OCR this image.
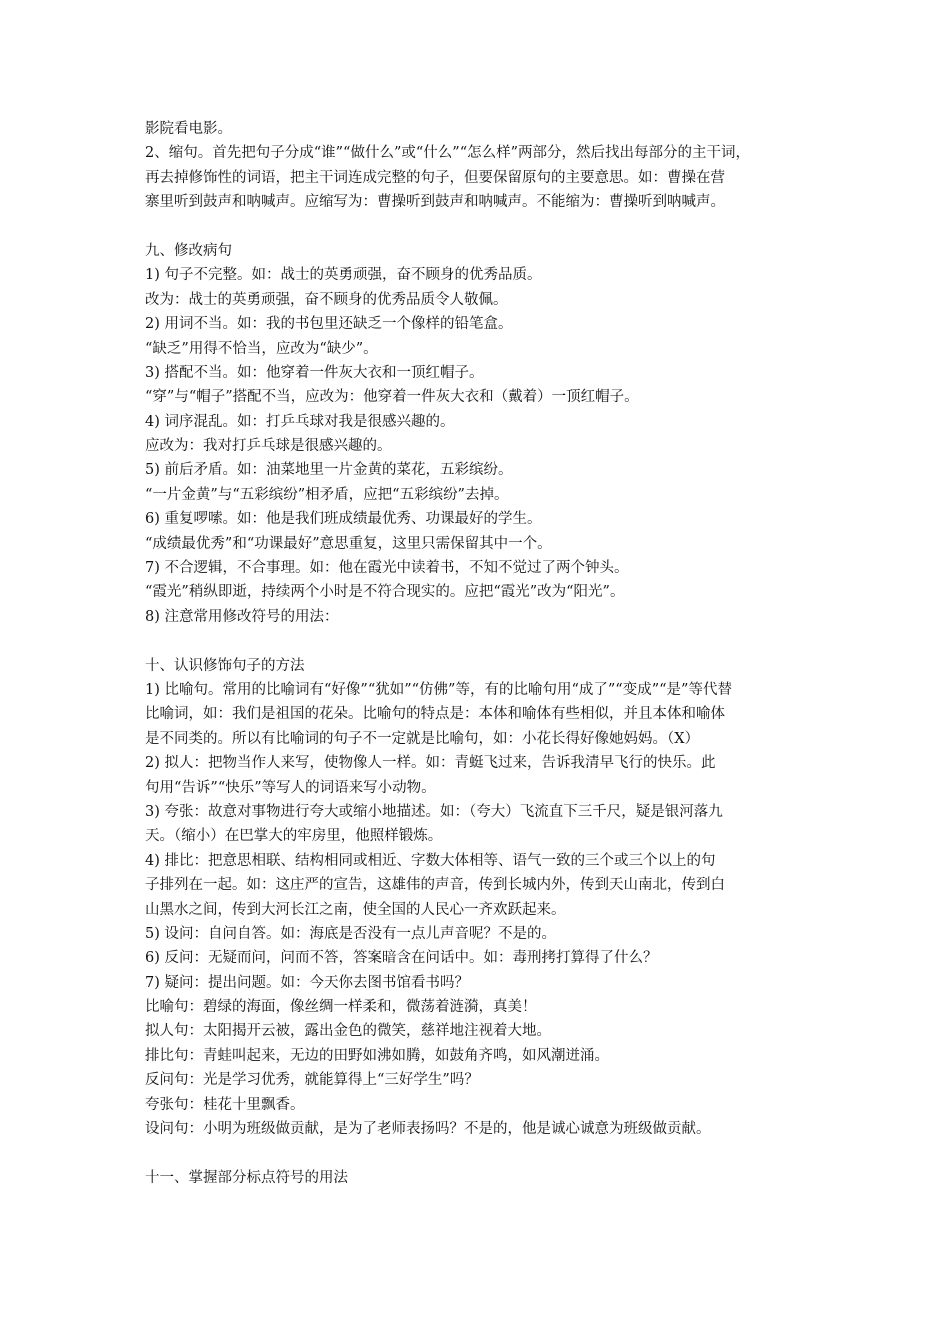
影院看电影。
2、缩句。首先把句子分成“谁”“做什么”或“什么”“怎么样”两部分，然后找出每部分的主干词，
再去掉修饰性的词语，把主干词连成完整的句子，但要保留原句的主要意思。如：曹操在营
寨里听到鼓声和呐喊声。应缩写为：曹操听到鼓声和呐喊声。不能缩为：曹操听到呐喊声。
九、修改病句
1) 句子不完整。如：战士的英勇顽强，奋不顾身的优秀品质。
改为：战士的英勇顽强，奋不顾身的优秀品质令人敬佩。
2) 用词不当。如：我的书包里还缺乏一个像样的铅笔盒。
“缺乏”用得不恰当，应改为“缺少”。
3) 搭配不当。如：他穿着一件灰大衣和一顶红帽子。
“穿”与“帽子”搭配不当，应改为：他穿着一件灰大衣和（戴着）一顶红帽子。
4) 词序混乱。如：打乒乓球对我是很感兴趣的。
应改为：我对打乒乓球是很感兴趣的。
5) 前后矛盾。如：油菜地里一片金黄的菜花，五彩缤纷。
“一片金黄”与“五彩缤纷”相矛盾，应把“五彩缤纷”去掉。
6) 重复啰嗦。如：他是我们班成绩最优秀、功课最好的学生。
“成绩最优秀”和“功课最好”意思重复，这里只需保留其中一个。
7) 不合逻辑，不合事理。如：他在霞光中读着书，不知不觉过了两个钟头。
“霞光”稍纵即逝，持续两个小时是不符合现实的。应把“霞光”改为“阳光”。
8) 注意常用修改符号的用法：
十、认识修饰句子的方法
1) 比喻句。常用的比喻词有“好像”“犹如”“仿佛”等，有的比喻句用“成了”“变成”“是”等代替
比喻词，如：我们是祖国的花朵。比喻句的特点是：本体和喻体有些相似，并且本体和喻体
是不同类的。所以有比喻词的句子不一定就是比喻句，如：小花长得好像她妈妈。（X）
2) 拟人：把物当作人来写，使物像人一样。如：青蜓飞过来，告诉我清早飞行的快乐。此
句用“告诉”“快乐”等写人的词语来写小动物。
3) 夸张：故意对事物进行夸大或缩小地描述。如：（夸大）飞流直下三千尺，疑是银河落九
天。（缩小）在巴掌大的牢房里，他照样锻炼。
4) 排比：把意思相联、结构相同或相近、字数大体相等、语气一致的三个或三个以上的句
子排列在一起。如：这庄严的宣告，这雄伟的声音，传到长城内外，传到天山南北，传到白
山黑水之间，传到大河长江之南，使全国的人民心一齐欢跃起来。
5) 设问：自问自答。如：海底是否没有一点儿声音呢？不是的。
6) 反问：无疑而问，问而不答，答案暗含在问话中。如：毒刑拷打算得了什么？
7) 疑问：提出问题。如：今天你去图书馆看书吗？
比喻句：碧绿的海面，像丝绸一样柔和，微荡着涟漪，真美！
拟人句：太阳揭开云被，露出金色的微笑，慈祥地注视着大地。
排比句：青蛙叫起来，无边的田野如沸如腾，如鼓角齐鸣，如风潮迸涌。
反问句：光是学习优秀，就能算得上“三好学生”吗？
夸张句：桂花十里飘香。
设问句：小明为班级做贡献，是为了老师表扬吗？不是的，他是诚心诚意为班级做贡献。
十一、掌握部分标点符号的用法
